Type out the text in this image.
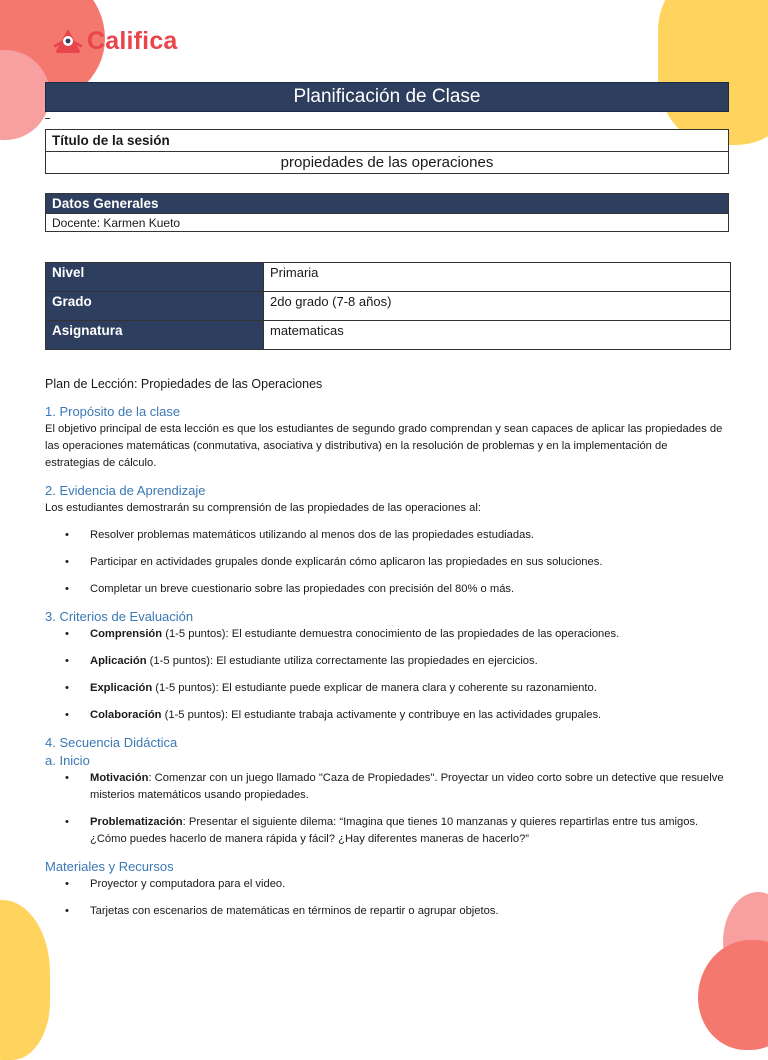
Califica
Planificación de Clase
Título de la sesión
propiedades de las operaciones
Datos Generales
Docente: Karmen Kueto
Nivel	Primaria
Grado	2do grado (7-8 años)
Asignatura	matematicas
Plan de Lección: Propiedades de las Operaciones
1. Propósito de la clase

El objetivo principal de esta lección es que los estudiantes de segundo grado comprendan y sean capaces de aplicar las propiedades de las operaciones matemáticas (conmutativa, asociativa y distributiva) en la resolución de problemas y en la implementación de estrategias de cálculo.

2. Evidencia de Aprendizaje

Los estudiantes demostrarán su comprensión de las propiedades de las operaciones al:

• Resolver problemas matemáticos utilizando al menos dos de las propiedades estudiadas.
• Participar en actividades grupales donde explicarán cómo aplicaron las propiedades en sus soluciones.
• Completar un breve cuestionario sobre las propiedades con precisión del 80% o más.
3. Criterios de Evaluación
• Comprensión (1-5 puntos): El estudiante demuestra conocimiento de las propiedades de las operaciones.
• Aplicación (1-5 puntos): El estudiante utiliza correctamente las propiedades en ejercicios.
• Explicación (1-5 puntos): El estudiante puede explicar de manera clara y coherente su razonamiento.
• Colaboración (1-5 puntos): El estudiante trabaja activamente y contribuye en las actividades grupales.
4. Secuencia Didáctica
a. Inicio
• Motivación: Comenzar con un juego llamado "Caza de Propiedades". Proyectar un video corto sobre un detective que resuelve misterios matemáticos usando propiedades.
• Problematización: Presentar el siguiente dilema: “Imagina que tienes 10 manzanas y quieres repartirlas entre tus amigos. ¿Cómo puedes hacerlo de manera rápida y fácil? ¿Hay diferentes maneras de hacerlo?”
Materiales y Recursos
• Proyector y computadora para el video.
• Tarjetas con escenarios de matemáticas en términos de repartir o agrupar objetos.
